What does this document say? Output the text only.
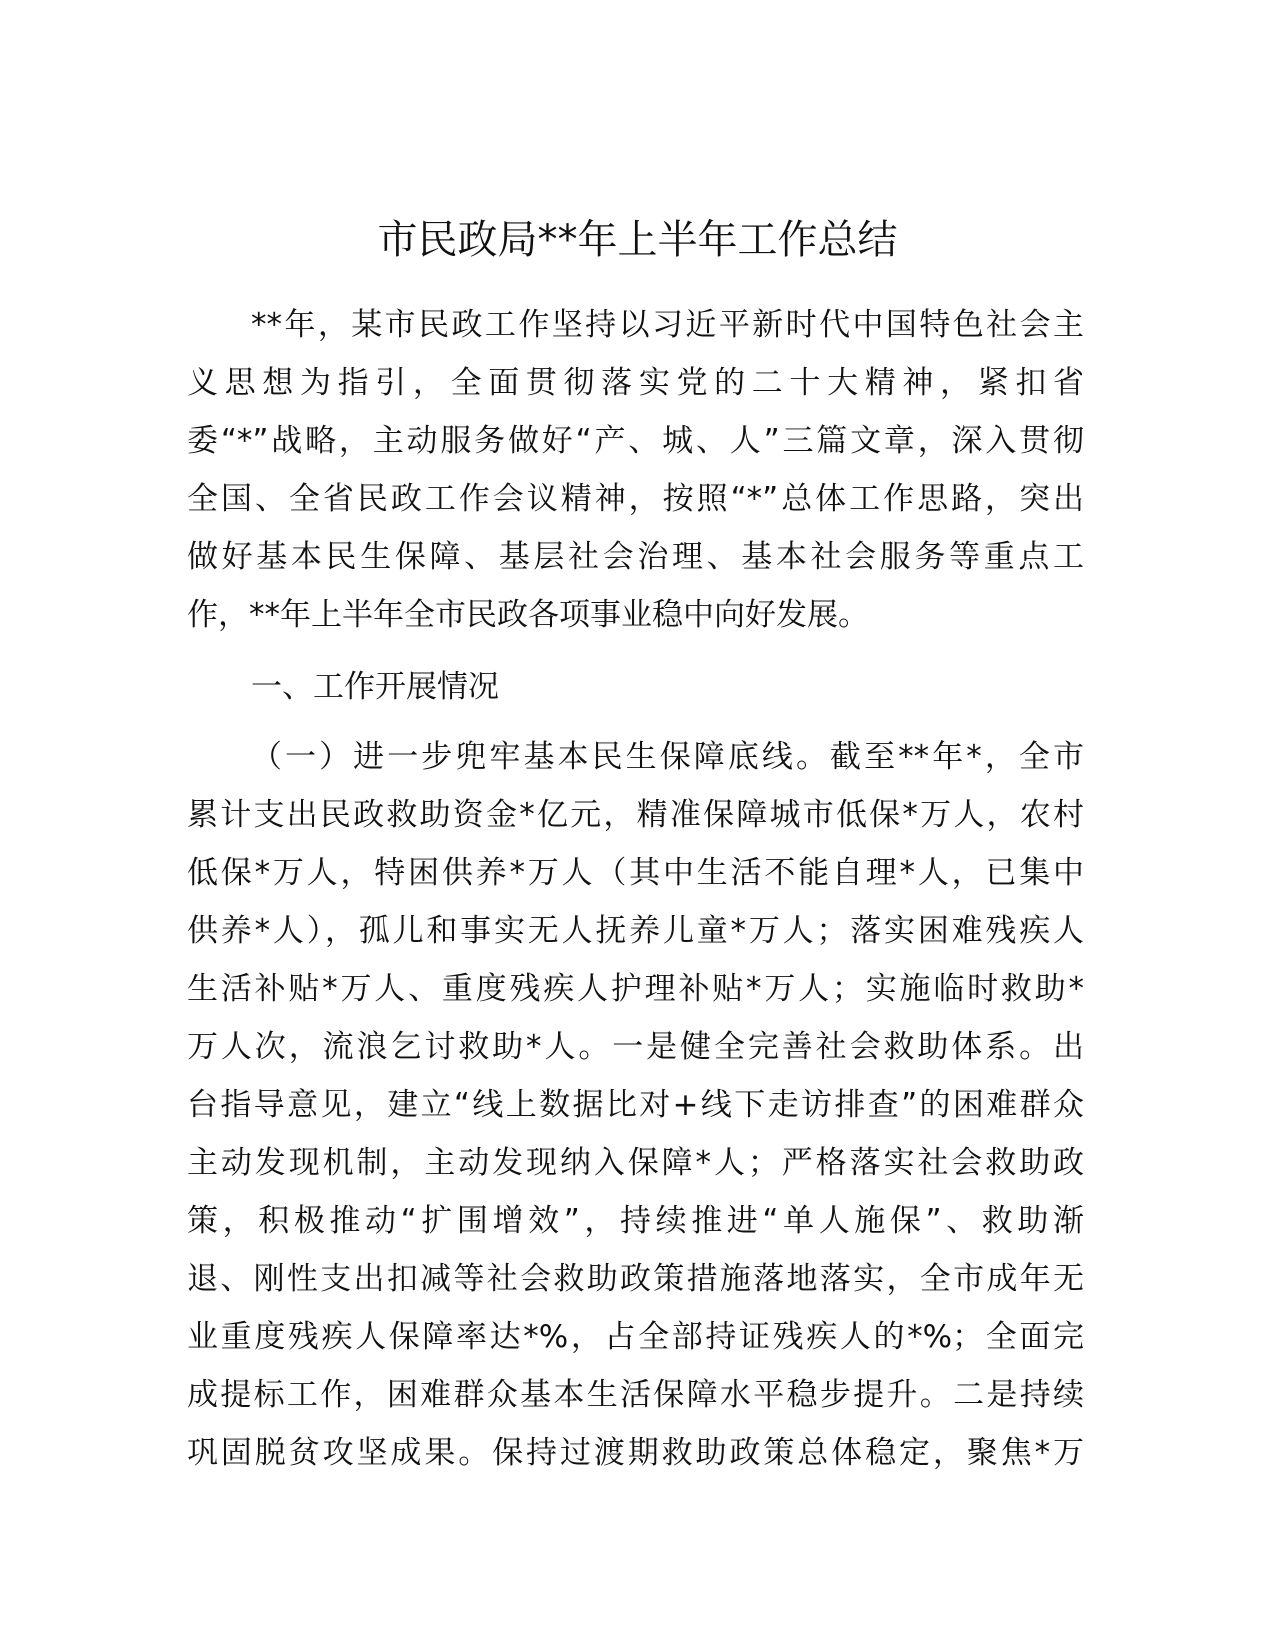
市民政局**年上半年工作总结
**年，某市民政工作坚持以习近平新时代中国特色社会主
义思想为指引，全面贯彻落实党的二十大精神，紧扣省
委“*”战略，主动服务做好“产、城、人”三篇文章，深入贯彻
全国、全省民政工作会议精神，按照“*”总体工作思路，突出
做好基本民生保障、基层社会治理、基本社会服务等重点工
作，**年上半年全市民政各项事业稳中向好发展。
一、工作开展情况
（一）进一步兜牢基本民生保障底线。截至**年*，全市
累计支出民政救助资金*亿元，精准保障城市低保*万人，农村
低保*万人，特困供养*万人（其中生活不能自理*人，已集中
供养*人），孤儿和事实无人抚养儿童*万人；落实困难残疾人
生活补贴*万人、重度残疾人护理补贴*万人；实施临时救助*
万人次，流浪乞讨救助*人。一是健全完善社会救助体系。出
台指导意见，建立“线上数据比对+线下走访排查”的困难群众
主动发现机制，主动发现纳入保障*人；严格落实社会救助政
策，积极推动“扩围增效”，持续推进“单人施保”、救助渐
退、刚性支出扣减等社会救助政策措施落地落实，全市成年无
业重度残疾人保障率达*%，占全部持证残疾人的*%；全面完
成提标工作，困难群众基本生活保障水平稳步提升。二是持续
巩固脱贫攻坚成果。保持过渡期救助政策总体稳定，聚焦*万
